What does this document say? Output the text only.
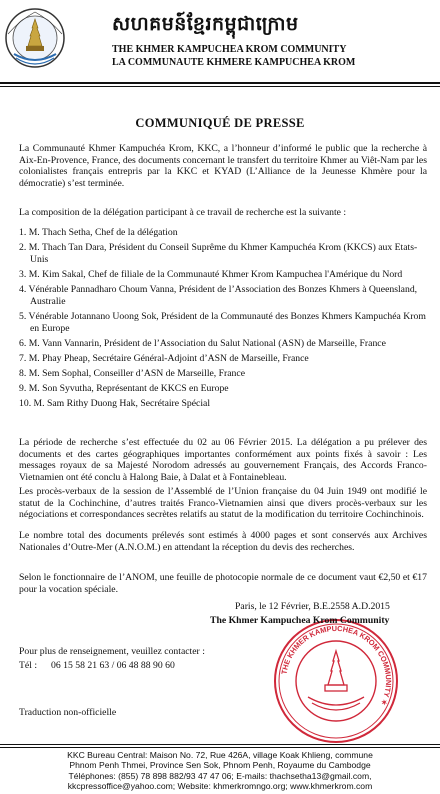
សហគមន៍ខ្មែរកម្ពុជាក្រោម
THE KHMER KAMPUCHEA KROM COMMUNITY
LA COMMUNAUTE KHMERE KAMPUCHEA KROM
COMMUNIQUÉ DE PRESSE
La Communauté Khmer Kampuchéa Krom, KKC, a l’honneur d’informé le public que la recherche à Aix-En-Provence, France, des documents concernant le transfert du territoire Khmer au Viêt-Nam par les colonialistes français entrepris par la KKC et KYAD (L’Alliance de la Jeunesse Khmère pour la démocratie) s’est terminée.
La composition de la délégation participant à ce travail de recherche est la suivante :
1. M. Thach Setha, Chef de la délégation
2. M. Thach Tan Dara, Président du Conseil Suprême du Khmer Kampuchéa Krom (KKCS) aux Etats-Unis
3. M. Kim Sakal, Chef de filiale de la Communauté Khmer Krom Kampuchea l'Amérique du Nord
4. Vénérable Pannadharo Choum Vanna, Président de l’Association des Bonzes Khmers à Queensland, Australie
5. Vénérable Jotannano Uoong Sok, Président de la Communauté des Bonzes Khmers Kampuchéa Krom en Europe
6. M. Vann Vannarin, Président de l’Association du Salut National (ASN) de Marseille, France
7. M. Phay Pheap, Secrétaire Général-Adjoint d’ASN de Marseille, France
8. M. Sem Sophal, Conseiller d’ASN de Marseille, France
9. M. Son Syvutha, Représentant de KKCS en Europe
10. M. Sam Rithy Duong Hak, Secrétaire Spécial
La période de recherche s’est effectuée du 02 au 06 Février 2015. La délégation a pu prélever des documents et des cartes géographiques importantes conformément aux points fixés à savoir : Les messages royaux de sa Majesté Norodom adressés au gouvernement Français, des Accords Franco-Vietnamien ont été conclu à Halong Baie, à Dalat et à Fontainebleau.
Les procès-verbaux de la session de l’Assemblé de l’Union française du 04 Juin 1949 ont modifié le statut de la Cochinchine, d’autres traités Franco-Vietnamien ainsi que divers procès-verbaux sur les négociations et correspondances secrètes relatifs au statut de la modification du territoire Cochinchinois.
Le nombre total des documents prélevés sont estimés à 4000 pages et sont conservés aux Archives Nationales d’Outre-Mer (A.N.O.M.) en attendant la réception du devis des recherches.
Selon le fonctionnaire de l’ANOM, une feuille de photocopie normale de ce document vaut €2,50 et €17 pour la vocation spéciale.
Paris, le 12 Février, B.E.2558 A.D.2015
THE KHMER KAMPUCHEA KROM COMMUNITY ✶
The Khmer Kampuchea Krom Community
Pour plus de renseignement, veuillez contacter :
Tél : 06 15 58 21 63 / 06 48 88 90 60
Traduction non-officielle
KKC Bureau Central: Maison No. 72, Rue 426A, village Koak Khlieng, commune
Phnom Penh Thmei, Province Sen Sok, Phnom Penh, Royaume du Cambodge
Téléphones: (855) 78 898 882/93 47 47 06; E-mails: thachsetha13@gmail.com,
kkcpressoffice@yahoo.com; Website: khmerkromngo.org; www.khmerkrom.com
